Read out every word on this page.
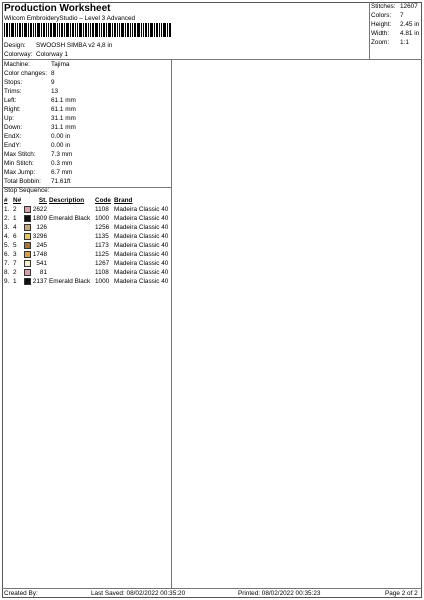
Production Worksheet
Wilcom EmbroideryStudio – Level 3 Advanced
Design: SWOOSH SIMBA v2 4,8 in
Colorway: Colorway 1
Stitches: 12607
Colors: 7
Height: 2.45 in
Width: 4.81 in
Zoom: 1:1
Machine:	Tajima
Color changes: 8
Stops:	9
Trims:	13
Left:	61.1 mm
Right:	61.1 mm
Up:	31.1 mm
Down:	31.1 mm
EndX:	0.00 in
EndY:	0.00 in
Max Stitch: 7.3 mm
Min Stitch:	0.3 mm
Max Jump: 6.7 mm
Total Bobbin: 71.61ft
Stop Sequence:
#	N#		St.	Description	Code	Brand
1.	2		2622		1108	Madeira Classic 40
2.	1		1809	Emerald Black	1000	Madeira Classic 40
3.	4		126		1256	Madeira Classic 40
4.	6		3296		1135	Madeira Classic 40
5.	5		245		1173	Madeira Classic 40
6.	3		1748		1125	Madeira Classic 40
7.	7		541		1267	Madeira Classic 40
8.	2		81		1108	Madeira Classic 40
9.	1		2137	Emerald Black	1000	Madeira Classic 40
Created By:	Last Saved: 08/02/2022 00:35:20	Printed: 08/02/2022 00:35:23	Page 2 of 2
